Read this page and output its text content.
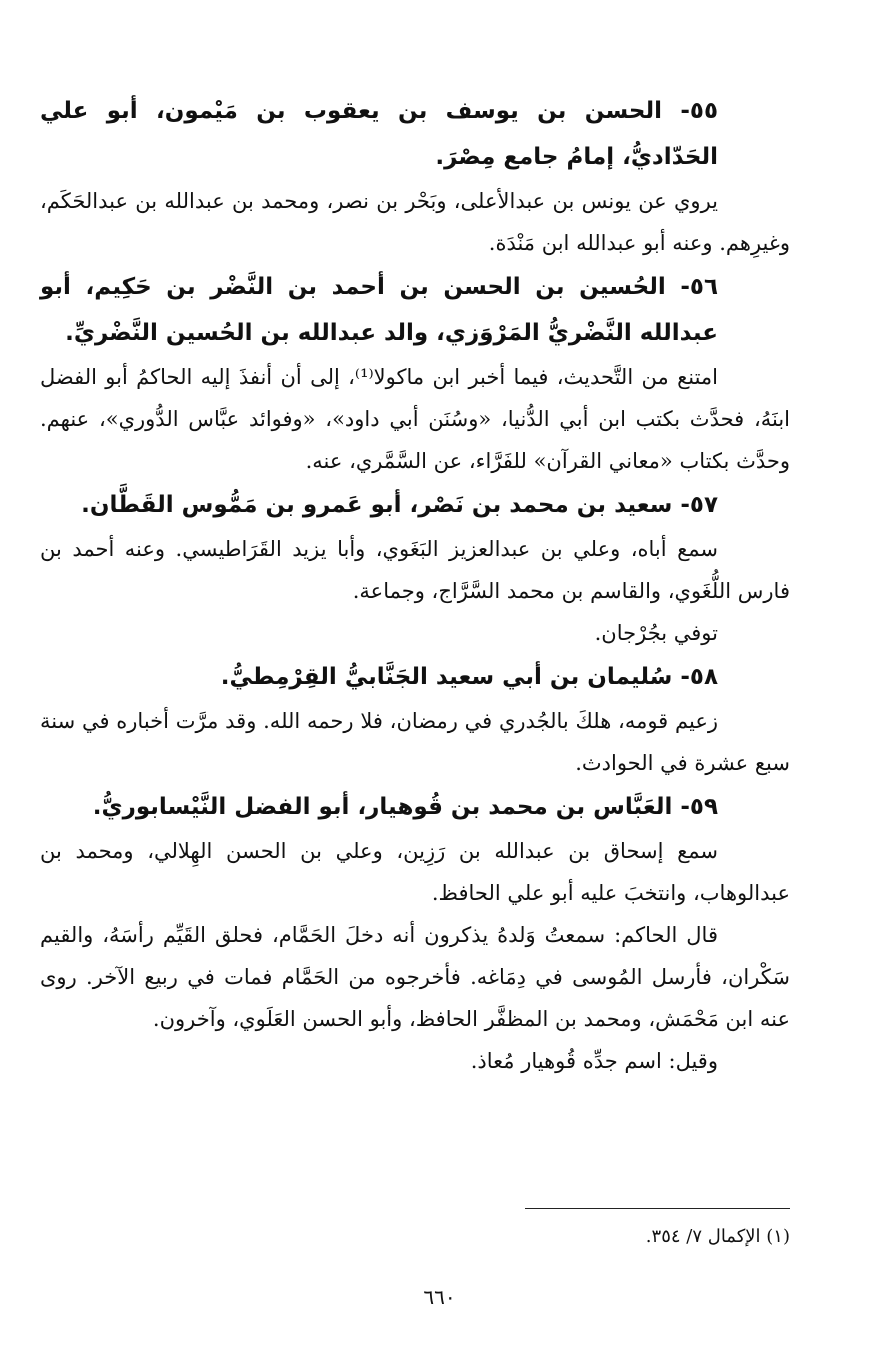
٥٥- الحسن بن يوسف بن يعقوب بن مَيْمون، أبو علي الحَدّاديُّ، إمامُ جامع مِصْرَ.

يروي عن يونس بن عبدالأعلى، وبَحْر بن نصر، ومحمد بن عبدالله بن عبدالحَكَم، وغيرِهم. وعنه أبو عبدالله ابن مَنْدَة.

٥٦- الحُسين بن الحسن بن أحمد بن النَّضْر بن حَكِيم، أبو عبدالله النَّضْريُّ المَرْوَزي، والد عبدالله بن الحُسين النَّضْريِّ.

امتنع من التَّحديث، فيما أخبر ابن ماكولا⁽¹⁾، إلى أن أنفذَ إليه الحاكمُ أبو الفضل ابنَهُ، فحدَّث بكتب ابن أبي الدُّنيا، «وسُنَن أبي داود»، «وفوائد عبَّاس الدُّوري»، عنهم. وحدَّث بكتاب «معاني القرآن» للفَرَّاء، عن السَّمَّري، عنه.

٥٧- سعيد بن محمد بن نَصْر، أبو عَمرو بن مَمُّوس القَطَّان.

سمع أباه، وعلي بن عبدالعزيز البَغَوي، وأبا يزيد القَرَاطيسي. وعنه أحمد بن فارس اللُّغَوي، والقاسم بن محمد السَّرَّاج، وجماعة.

توفي بجُرْجان.

٥٨- سُليمان بن أبي سعيد الجَنَّابيُّ القِرْمِطيُّ.

زعيم قومه، هلكَ بالجُدري في رمضان، فلا رحمه الله. وقد مرَّت أخباره في سنة سبع عشرة في الحوادث.

٥٩- العَبَّاس بن محمد بن قُوهيار، أبو الفضل النَّيْسابوريُّ.

سمع إسحاق بن عبدالله بن رَزِين، وعلي بن الحسن الهِلالي، ومحمد بن عبدالوهاب، وانتخبَ عليه أبو علي الحافظ.

قال الحاكم: سمعتُ وَلدهُ يذكرون أنه دخلَ الحَمَّام، فحلق القَيِّم رأسَهُ، والقيم سَكْران، فأرسل المُوسى في دِمَاغه. فأخرجوه من الحَمَّام فمات في ربيع الآخر. روى عنه ابن مَحْمَش، ومحمد بن المظفَّر الحافظ، وأبو الحسن العَلَوي، وآخرون.

وقيل: اسم جدِّه قُوهيار مُعاذ.

(١) الإكمال ٧/ ٣٥٤.
٦٦٠
